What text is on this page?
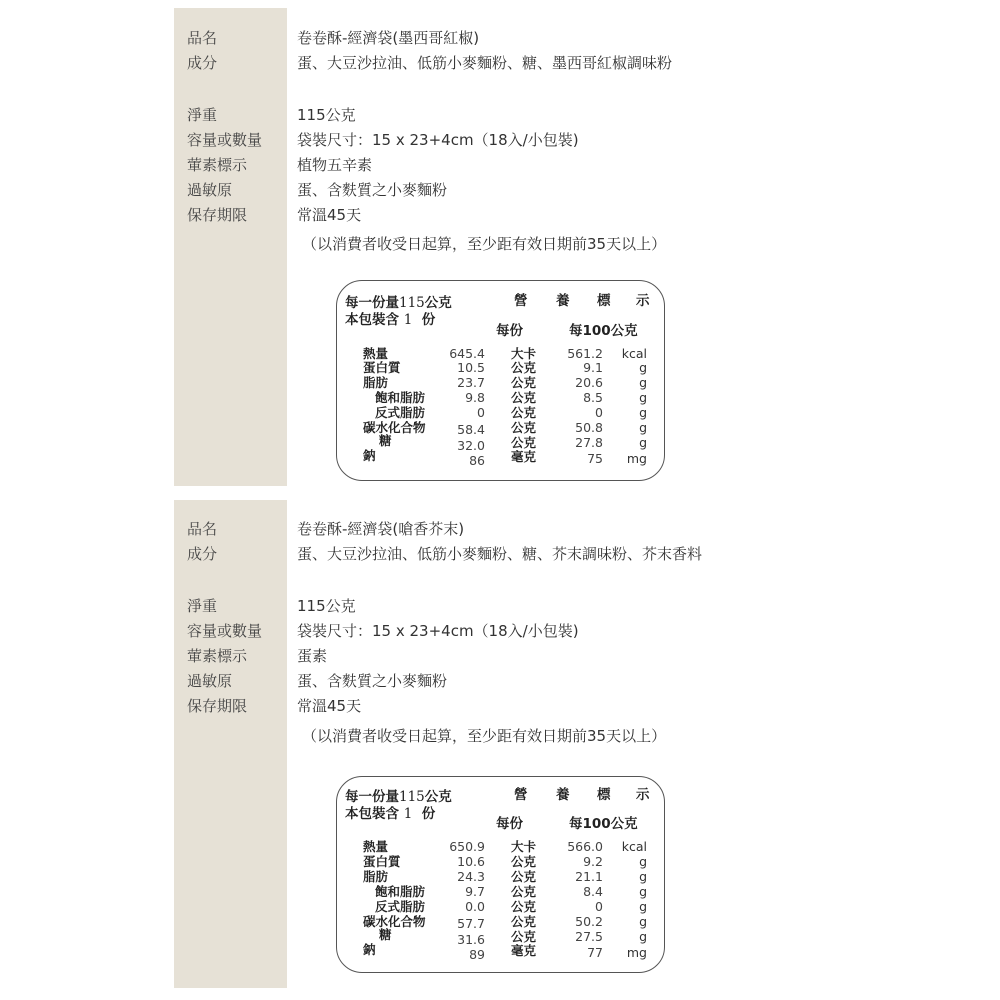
品名	卷卷酥-經濟袋(墨西哥紅椒)
成分	蛋、大豆沙拉油、低筋小麥麵粉、糖、墨西哥紅椒調味粉
淨重	115公克
容量或數量 袋裝尺寸：15 x 23+4cm（18入/小包裝)
葷素標示	植物五辛素
過敏原	蛋、含麩質之小麥麵粉
保存期限	常溫45天
（以消費者收受日起算，至少距有效日期前35天以上）
每一份量115公克	營 養 標 示
本包裝含 1 份
每份	每100公克
熱量	645.4 大卡	561.2	kcal
蛋白質	10.5 公克	9.1	g
脂肪	23.7 公克	20.6	g
飽和脂肪	9.8 公克	8.5	g
反式脂肪	0 公克	0	g
碳水化合物	58.4 公克	50.8	g
糖	32.0 公克	27.8	g
鈉	86 毫克	75	mg
品名	卷卷酥-經濟袋(嗆香芥末)
成分	蛋、大豆沙拉油、低筋小麥麵粉、糖、芥末調味粉、芥末香料
淨重	115公克
容量或數量 袋裝尺寸：15 x 23+4cm（18入/小包裝)
葷素標示	蛋素
過敏原	蛋、含麩質之小麥麵粉
保存期限	常溫45天
（以消費者收受日起算，至少距有效日期前35天以上）
每一份量115公克	營 養 標 示
本包裝含 1 份
每份	每100公克
熱量	650.9 大卡	566.0	kcal
蛋白質	10.6 公克	9.2	g
脂肪	24.3 公克	21.1	g
飽和脂肪	9.7 公克	8.4	g
反式脂肪	0.0 公克	0	g
碳水化合物	57.7 公克	50.2	g
糖	31.6 公克	27.5	g
鈉	89 毫克	77	mg
